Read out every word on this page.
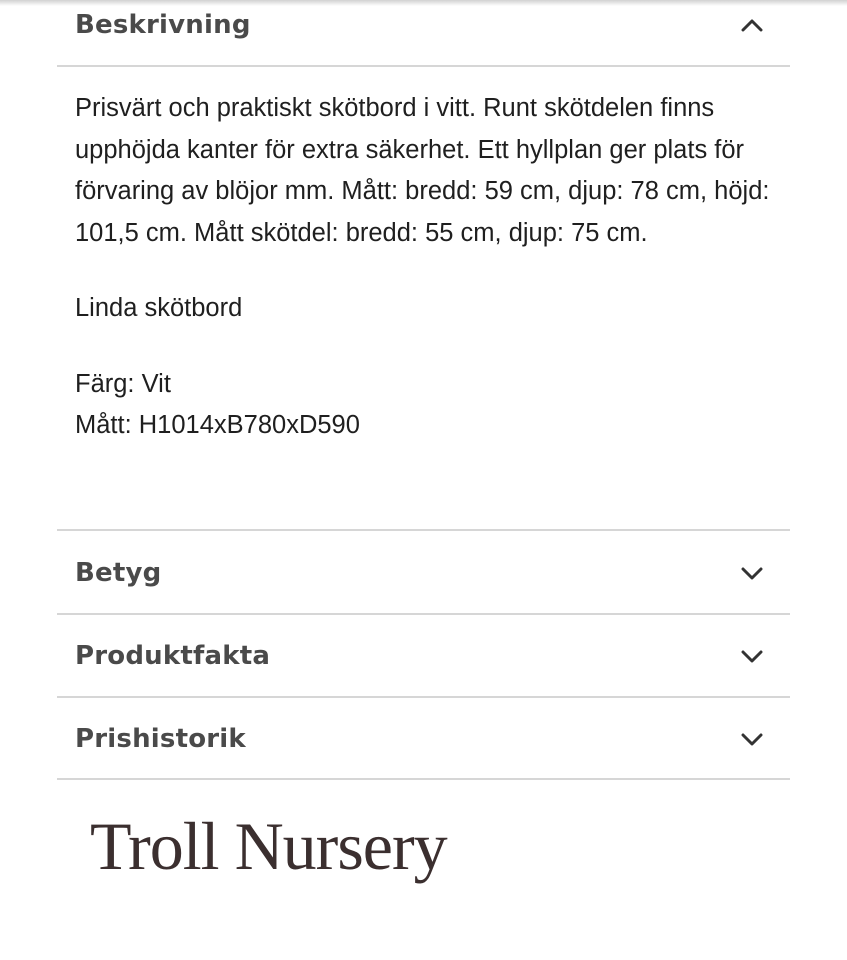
Beskrivning

Prisvärt och praktiskt skötbord i vitt. Runt skötdelen finns upphöjda kanter för extra säkerhet. Ett hyllplan ger plats för förvaring av blöjor mm. Mått: bredd: 59 cm, djup: 78 cm, höjd: 101,5 cm. Mått skötdel: bredd: 55 cm, djup: 75 cm.

Linda skötbord

Färg: Vit

Mått: H1014xB780xD590

Betyg
Produktfakta
Prishistorik
Troll Nursery
